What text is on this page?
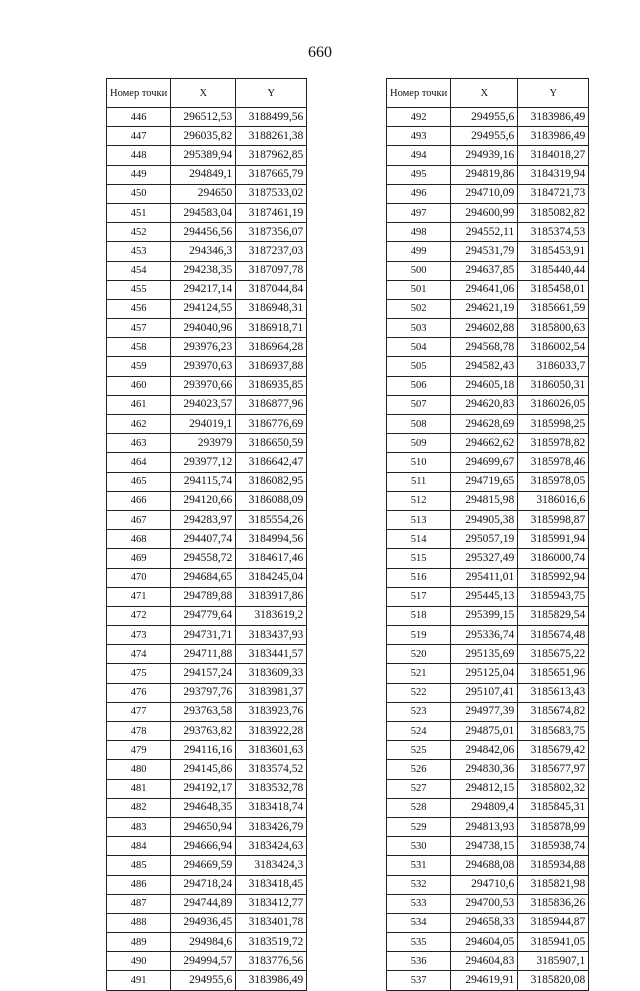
660
Номер точки	X	Y
446	296512,53	3188499,56
447	296035,82	3188261,38
448	295389,94	3187962,85
449	294849,1	3187665,79
450	294650	3187533,02
451	294583,04	3187461,19
452	294456,56	3187356,07
453	294346,3	3187237,03
454	294238,35	3187097,78
455	294217,14	3187044,84
456	294124,55	3186948,31
457	294040,96	3186918,71
458	293976,23	3186964,28
459	293970,63	3186937,88
460	293970,66	3186935,85
461	294023,57	3186877,96
462	294019,1	3186776,69
463	293979	3186650,59
464	293977,12	3186642,47
465	294115,74	3186082,95
466	294120,66	3186088,09
467	294283,97	3185554,26
468	294407,74	3184994,56
469	294558,72	3184617,46
470	294684,65	3184245,04
471	294789,88	3183917,86
472	294779,64	3183619,2
473	294731,71	3183437,93
474	294711,88	3183441,57
475	294157,24	3183609,33
476	293797,76	3183981,37
477	293763,58	3183923,76
478	293763,82	3183922,28
479	294116,16	3183601,63
480	294145,86	3183574,52
481	294192,17	3183532,78
482	294648,35	3183418,74
483	294650,94	3183426,79
484	294666,94	3183424,63
485	294669,59	3183424,3
486	294718,24	3183418,45
487	294744,89	3183412,77
488	294936,45	3183401,78
489	294984,6	3183519,72
490	294994,57	3183776,56
491	294955,6	3183986,49
Номер точки	X	Y
492	294955,6	3183986,49
493	294955,6	3183986,49
494	294939,16	3184018,27
495	294819,86	3184319,94
496	294710,09	3184721,73
497	294600,99	3185082,82
498	294552,11	3185374,53
499	294531,79	3185453,91
500	294637,85	3185440,44
501	294641,06	3185458,01
502	294621,19	3185661,59
503	294602,88	3185800,63
504	294568,78	3186002,54
505	294582,43	3186033,7
506	294605,18	3186050,31
507	294620,83	3186026,05
508	294628,69	3185998,25
509	294662,62	3185978,82
510	294699,67	3185978,46
511	294719,65	3185978,05
512	294815,98	3186016,6
513	294905,38	3185998,87
514	295057,19	3185991,94
515	295327,49	3186000,74
516	295411,01	3185992,94
517	295445,13	3185943,75
518	295399,15	3185829,54
519	295336,74	3185674,48
520	295135,69	3185675,22
521	295125,04	3185651,96
522	295107,41	3185613,43
523	294977,39	3185674,82
524	294875,01	3185683,75
525	294842,06	3185679,42
526	294830,36	3185677,97
527	294812,15	3185802,32
528	294809,4	3185845,31
529	294813,93	3185878,99
530	294738,15	3185938,74
531	294688,08	3185934,88
532	294710,6	3185821,98
533	294700,53	3185836,26
534	294658,33	3185944,87
535	294604,05	3185941,05
536	294604,83	3185907,1
537	294619,91	3185820,08
